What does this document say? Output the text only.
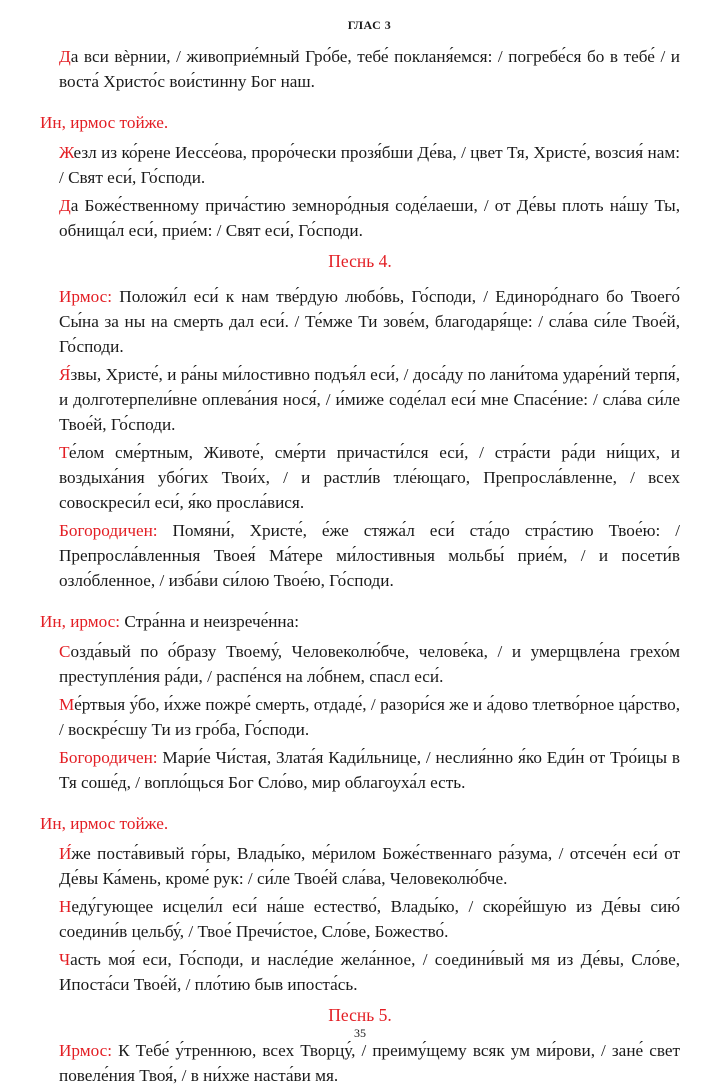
ГЛАС 3

Да вси вѐрнии, / живоприе́мный Гро́бе, тебе́ покланя́емся: / погребе́ся бо в тебе́ / и воста́ Христо́с вои́стинну Бог наш.

Ин, ирмос тойже.

Жезл из ко́рене Иессе́ова, проро́чески прозя́бши Де́ва, / цвет Тя, Христе́, возсия́ нам: / Свят еси́, Го́споди.

Да Боже́ственному прича́стию земноро́дныя соде́лаеши, / от Де́вы плоть на́шу Ты, обнища́л еси́, прие́м: / Свят еси́, Го́споди.

Песнь 4.

Ирмос: Положи́л еси́ к нам тве́рдую любо́вь, Го́споди, / Единоро́днаго бо Твоего́ Сы́на за ны на смерть дал еси́. / Те́мже Ти зове́м, благодаря́ще: / сла́ва си́ле Твое́й, Го́споди.

Я́звы, Христе́, и ра́ны ми́лостивно подъя́л еси́, / доса́ду по лани́тома ударе́ний терпя́, и долготерпели́вне оплева́ния нося́, / и́миже соде́лал еси́ мне Спасе́ние: / сла́ва си́ле Твое́й, Го́споди.

Те́лом сме́ртным, Животе́, сме́рти причасти́лся еси́, / стра́сти ра́ди ни́щих, и воздыха́ния убо́гих Твои́х, / и растли́в тле́ющаго, Препросла́вленне, / всех совоскреси́л еси́, я́ко просла́вися.

Богородичен: Помяни́, Христе́, е́же стяжа́л еси́ ста́до стра́стию Твое́ю: / Препросла́вленныя Твоея́ Ма́тере ми́лостивныя мольбы́ прие́м, / и посети́в озло́бленное, / изба́ви си́лою Твое́ю, Го́споди.

Ин, ирмос: Стра́нна и неизрече́нна:

Созда́вый по о́бразу Твоему́, Человеколю́бче, челове́ка, / и умерщвле́на грехо́м преступле́ния ра́ди, / распе́нся на ло́бнем, спасл еси́.

Ме́ртвыя у́бо, и́хже пожре́ смерть, отдаде́, / разори́ся же и а́дово тлетво́рное ца́рство, / воскре́сшу Ти из гро́ба, Го́споди.

Богородичен: Мари́е Чи́стая, Злата́я Кади́льнице, / неслия́нно я́ко Еди́н от Тро́ицы в Тя соше́д, / вопло́щься Бог Сло́во, мир облагоуха́л есть.

Ин, ирмос тойже.

И́же поста́вивый го́ры, Влады́ко, ме́рилом Боже́ственнаго ра́зума, / отсече́н еси́ от Де́вы Ка́мень, кроме́ рук: / си́ле Твое́й сла́ва, Человеколю́бче.

Неду́гующее исцели́л еси́ на́ше естество́, Влады́ко, / скоре́йшую из Де́вы сию́ соедини́в цельбу́, / Твое́ Пречи́стое, Сло́ве, Божество́.

Часть моя́ еси, Го́споди, и насле́дие жела́нное, / соедини́вый мя из Де́вы, Сло́ве, Ипоста́си Твое́й, / пло́тию быв ипоста́сь.

Песнь 5.

Ирмос: К Тебе́ у́треннюю, всех Творцу́, / преиму́щему всяк ум ми́рови, / зане́ свет повеле́ния Твоя́, / в ни́хже наста́ви мя.

35
